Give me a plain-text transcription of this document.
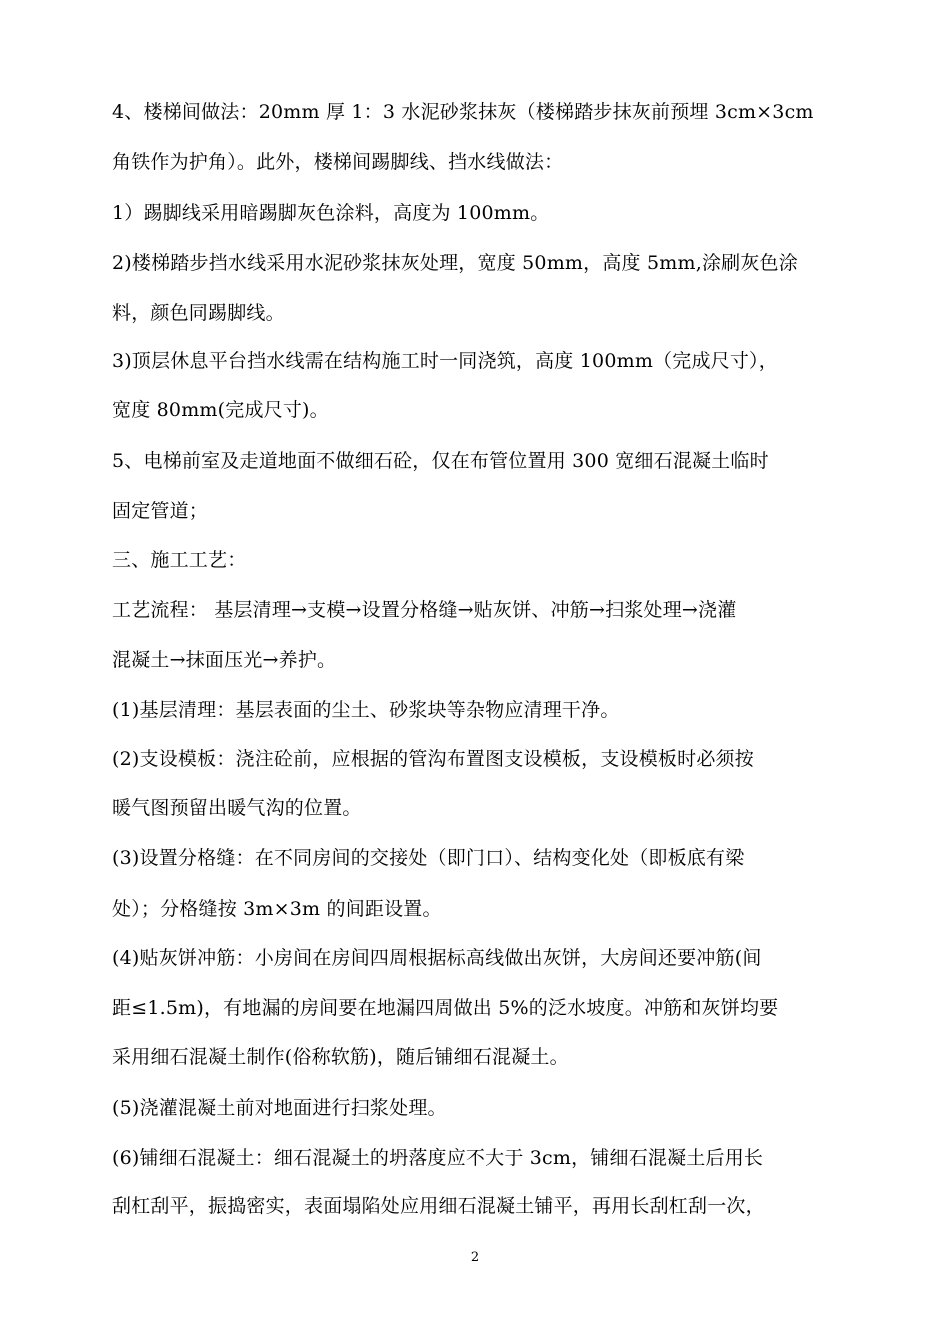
4、楼梯间做法：20mm 厚 1：3 水泥砂浆抹灰（楼梯踏步抹灰前预埋 3cm×3cm
角铁作为护角）。此外，楼梯间踢脚线、挡水线做法：
1）踢脚线采用暗踢脚灰色涂料，高度为 100mm。
2)楼梯踏步挡水线采用水泥砂浆抹灰处理，宽度 50mm，高度 5mm,涂刷灰色涂
料，颜色同踢脚线。
3)顶层休息平台挡水线需在结构施工时一同浇筑，高度 100mm（完成尺寸），
宽度 80mm(完成尺寸)。
5、电梯前室及走道地面不做细石砼，仅在布管位置用 300 宽细石混凝土临时
固定管道；
三、施工工艺：
工艺流程： 基层清理→支模→设置分格缝→贴灰饼、冲筋→扫浆处理→浇灌
混凝土→抹面压光→养护。
(1)基层清理：基层表面的尘土、砂浆块等杂物应清理干净。
(2)支设模板：浇注砼前，应根据的管沟布置图支设模板，支设模板时必须按
暖气图预留出暖气沟的位置。
(3)设置分格缝：在不同房间的交接处（即门口）、结构变化处（即板底有梁
处）；分格缝按 3m×3m 的间距设置。
(4)贴灰饼冲筋：小房间在房间四周根据标高线做出灰饼，大房间还要冲筋(间
距≤1.5m)，有地漏的房间要在地漏四周做出 5%的泛水坡度。冲筋和灰饼均要
采用细石混凝土制作(俗称软筋)，随后铺细石混凝土。
(5)浇灌混凝土前对地面进行扫浆处理。
(6)铺细石混凝土：细石混凝土的坍落度应不大于 3cm，铺细石混凝土后用长
刮杠刮平，振捣密实，表面塌陷处应用细石混凝土铺平，再用长刮杠刮一次，
2
